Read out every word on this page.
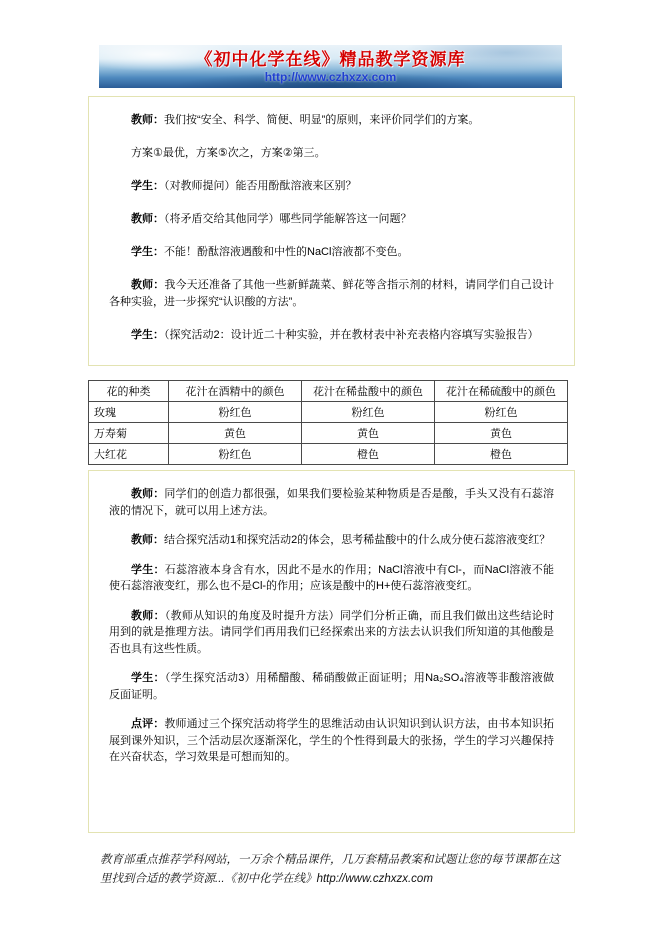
《初中化学在线》精品教学资源库
http://www.czhxzx.com

教师：我们按“安全、科学、简便、明显”的原则，来评价同学们的方案。

方案①最优，方案⑤次之，方案②第三。

学生：（对教师提问）能否用酚酞溶液来区别？

教师：（将矛盾交给其他同学）哪些同学能解答这一问题？

学生：不能！酚酞溶液遇酸和中性的NaCl溶液都不变色。

教师：我今天还准备了其他一些新鲜蔬菜、鲜花等含指示剂的材料，请同学们自己设计各种实验，进一步探究“认识酸的方法”。

学生：（探究活动2：设计近二十种实验，并在教材表中补充表格内容填写实验报告）

花的种类	花汁在酒精中的颜色	花汁在稀盐酸中的颜色	花汁在稀硫酸中的颜色
玫瑰	粉红色	粉红色	粉红色
万寿菊	黄色	黄色	黄色
大红花	粉红色	橙色	橙色

教师：同学们的创造力都很强，如果我们要检验某种物质是否是酸，手头又没有石蕊溶液的情况下，就可以用上述方法。

教师：结合探究活动1和探究活动2的体会，思考稀盐酸中的什么成分使石蕊溶液变红？

学生：石蕊溶液本身含有水，因此不是水的作用；NaCl溶液中有Cl-，而NaCl溶液不能使石蕊溶液变红，那么也不是Cl-的作用；应该是酸中的H+使石蕊溶液变红。

教师：（教师从知识的角度及时提升方法）同学们分析正确，而且我们做出这些结论时用到的就是推理方法。请同学们再用我们已经探索出来的方法去认识我们所知道的其他酸是否也具有这些性质。

学生：（学生探究活动3）用稀醋酸、稀硝酸做正面证明；用Na₂SO₄溶液等非酸溶液做反面证明。

点评：教师通过三个探究活动将学生的思维活动由认识知识到认识方法，由书本知识拓展到课外知识，三个活动层次逐渐深化，学生的个性得到最大的张扬，学生的学习兴趣保持在兴奋状态，学习效果是可想而知的。

教育部重点推荐学科网站，一万余个精品课件，几万套精品教案和试题让您的每节课都在这里找到合适的教学资源...《初中化学在线》http://www.czhxzx.com
